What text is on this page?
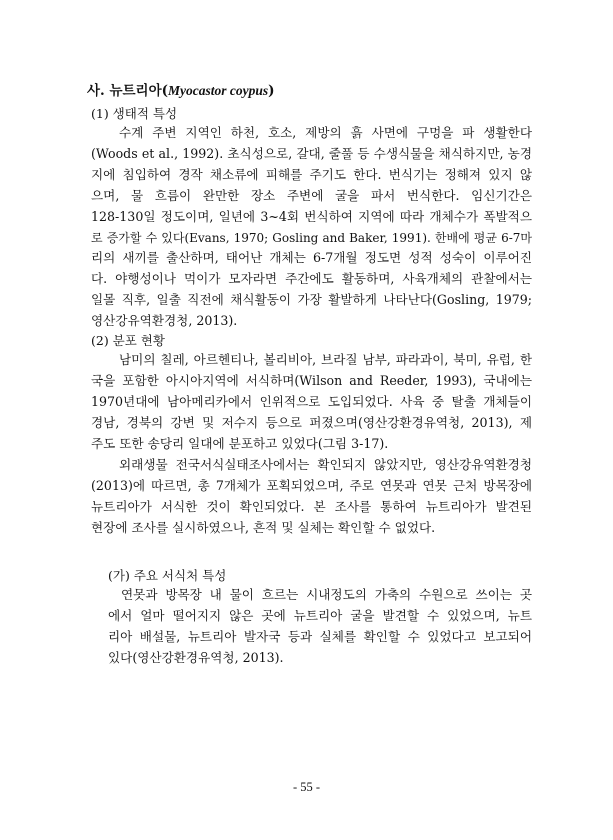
사. 뉴트리아(Myocastor coypus)
(1) 생태적 특성
수계 주변 지역인 하천, 호소, 제방의 흙 사면에 구멍을 파 생활한다
(Woods et al., 1992). 초식성으로, 갈대, 줄풀 등 수생식물을 채식하지만, 농경
지에 침입하여 경작 채소류에 피해를 주기도 한다. 번식기는 정해져 있지 않
으며, 물 흐름이 완만한 장소 주변에 굴을 파서 번식한다. 임신기간은
128-130일 정도이며, 일년에 3~4회 번식하여 지역에 따라 개체수가 폭발적으
로 증가할 수 있다(Evans, 1970; Gosling and Baker, 1991). 한배에 평균 6-7마
리의 새끼를 출산하며, 태어난 개체는 6-7개월 정도면 성적 성숙이 이루어진
다. 야행성이나 먹이가 모자라면 주간에도 활동하며, 사육개체의 관찰에서는
일몰 직후, 일출 직전에 채식활동이 가장 활발하게 나타난다(Gosling, 1979;
영산강유역환경청, 2013).
(2) 분포 현황
남미의 칠레, 아르헨티나, 볼리비아, 브라질 남부, 파라과이, 북미, 유럽, 한
국을 포함한 아시아지역에 서식하며(Wilson and Reeder, 1993), 국내에는
1970년대에 남아메리카에서 인위적으로 도입되었다. 사육 중 탈출 개체들이
경남, 경북의 강변 및 저수지 등으로 퍼졌으며(영산강환경유역청, 2013), 제
주도 또한 송당리 일대에 분포하고 있었다(그림 3-17).
외래생물 전국서식실태조사에서는 확인되지 않았지만, 영산강유역환경청
(2013)에 따르면, 총 7개체가 포획되었으며, 주로 연못과 연못 근처 방목장에
뉴트리아가 서식한 것이 확인되었다. 본 조사를 통하여 뉴트리아가 발견된
현장에 조사를 실시하였으나, 흔적 및 실체는 확인할 수 없었다.
(가) 주요 서식처 특성
연못과 방목장 내 물이 흐르는 시내정도의 가축의 수원으로 쓰이는 곳
에서 얼마 떨어지지 않은 곳에 뉴트리아 굴을 발견할 수 있었으며, 뉴트
리아 배설물, 뉴트리아 발자국 등과 실체를 확인할 수 있었다고 보고되어
있다(영산강환경유역청, 2013).
- 55 -
